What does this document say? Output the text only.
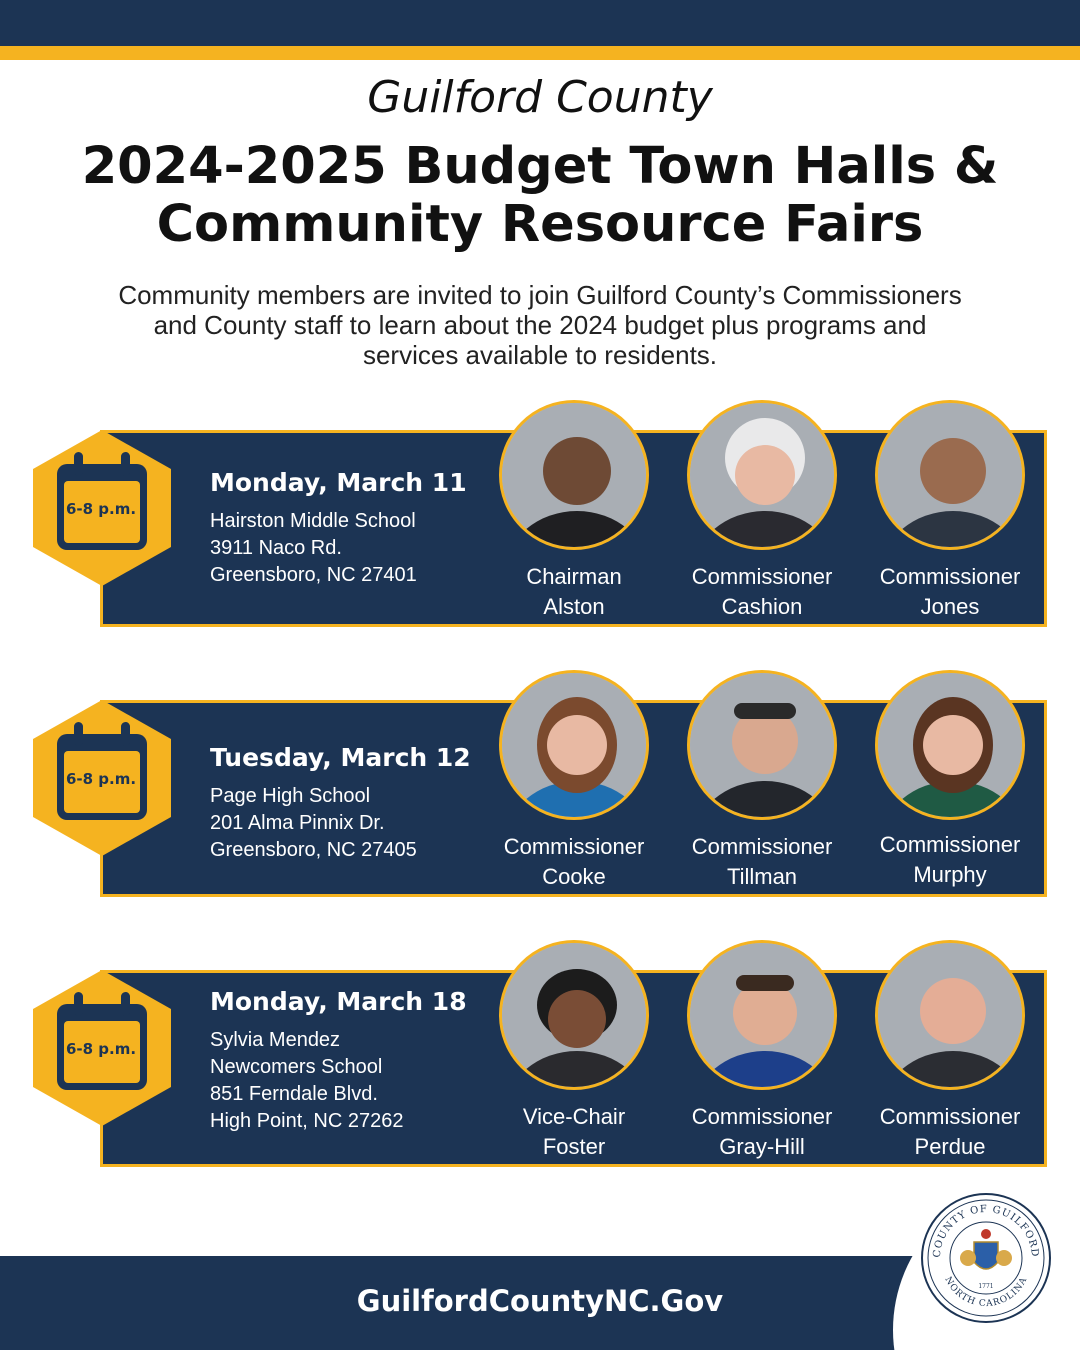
Guilford County
2024-2025 Budget Town Halls &
Community Resource Fairs
Community members are invited to join Guilford County’s Commissioners
and County staff to learn about the 2024 budget plus programs and
services available to residents.
6-8 p.m.
Monday, March 11
Hairston Middle School
3911 Naco Rd.
Greensboro, NC 27401	Chairman
Alston
Commissioner
Cashion
Commissioner
Jones
6-8 p.m.
Tuesday, March 12
Page High School
201 Alma Pinnix Dr.
Greensboro, NC 27405	Commissioner
Cooke
Commissioner
Tillman
Commissioner
Murphy
6-8 p.m.
Monday, March 18
Sylvia Mendez
Newcomers School
851 Ferndale Blvd.
High Point, NC 27262	Vice-Chair
Foster
Commissioner
Gray-Hill
Commissioner
Perdue
GuilfordCountyNC.Gov
COUNTY OF GUILFORD
NORTH CAROLINA
1771
